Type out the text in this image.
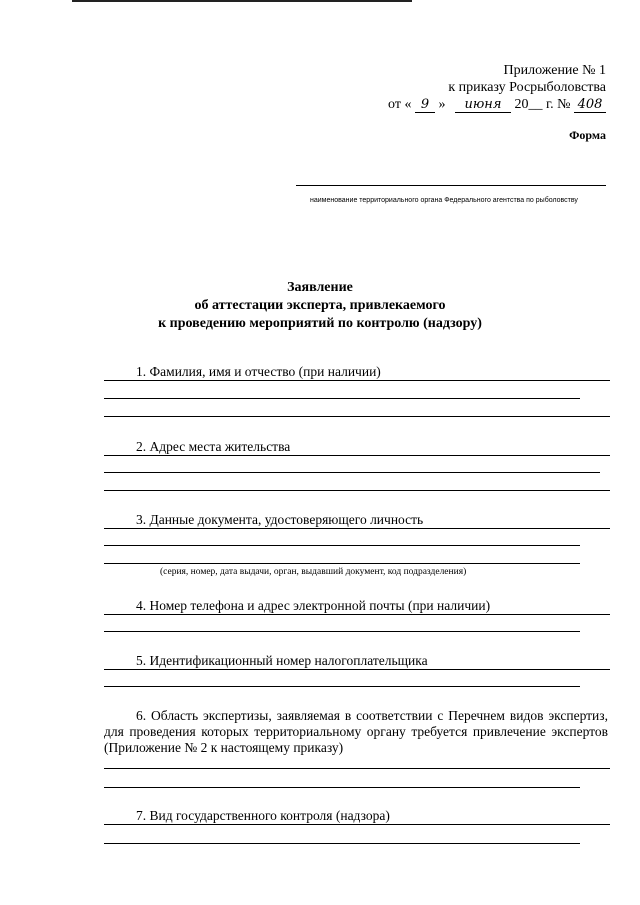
Приложение № 1
к приказу Росрыболовства
от « 9 » июня 20__ г. № 408
Форма
наименование территориального органа Федерального агентства по рыболовству
Заявление
об аттестации эксперта, привлекаемого
к проведению мероприятий по контролю (надзору)
1. Фамилия, имя и отчество (при наличии)
2. Адрес места жительства
3. Данные документа, удостоверяющего личность
(серия, номер, дата выдачи, орган, выдавший документ, код подразделения)
4. Номер телефона и адрес электронной почты (при наличии)
5. Идентификационный номер налогоплательщика
6. Область экспертизы, заявляемая в соответствии с Перечнем видов экспертиз, для проведения которых территориальному органу требуется привлечение экспертов (Приложение № 2 к настоящему приказу)
7. Вид государственного контроля (надзора)
